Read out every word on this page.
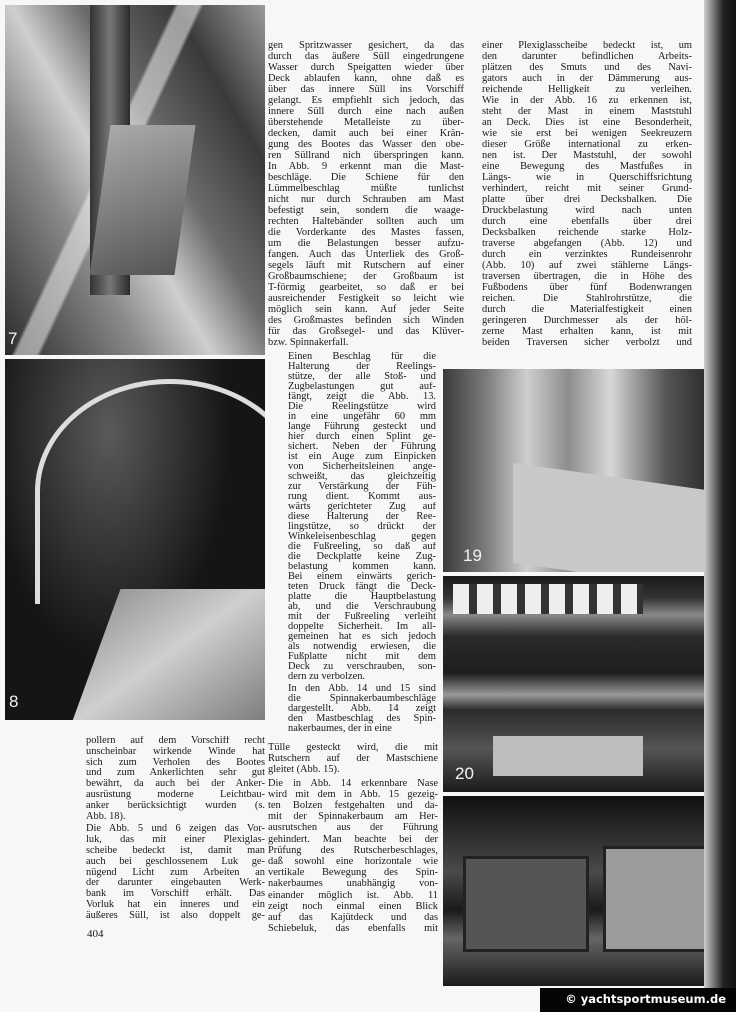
7
8
19
20
gen Spritzwasser gesichert, da das
durch das äußere Süll eingedrungene
Wasser durch Speigatten wieder über
Deck ablaufen kann, ohne daß es
über das innere Süll ins Vorschiff
gelangt. Es empfiehlt sich jedoch, das
innere Süll durch eine nach außen
überstehende Metalleiste zu über-
decken, damit auch bei einer Krän-
gung des Bootes das Wasser den obe-
ren Süllrand nich überspringen kann.
In Abb. 9 erkennt man die Mast-
beschläge. Die Schiene für den
Lümmelbeschlag müßte tunlichst
nicht nur durch Schrauben am Mast
befestigt sein, sondern die waage-
rechten Haltebänder sollten auch um
die Vorderkante des Mastes fassen,
um die Belastungen besser aufzu-
fangen. Auch das Unterliek des Groß-
segels läuft mit Rutschern auf einer
Großbaumschiene; der Großbaum ist
T-förmig gearbeitet, so daß er bei
ausreichender Festigkeit so leicht wie
möglich sein kann. Auf jeder Seite
des Großmastes befinden sich Winden
für das Großsegel- und das Klüver-
bzw. Spinnakerfall.
einer Plexiglasscheibe bedeckt ist, um
den darunter befindlichen Arbeits-
plätzen des Smuts und des Navi-
gators auch in der Dämmerung aus-
reichende Helligkeit zu verleihen.
Wie in der Abb. 16 zu erkennen ist,
steht der Mast in einem Maststuhl
an Deck. Dies ist eine Besonderheit,
wie sie erst bei wenigen Seekreuzern
dieser Größe international zu erken-
nen ist. Der Maststuhl, der sowohl
eine Bewegung des Mastfußes in
Längs- wie in Querschiffsrichtung
verhindert, reicht mit seiner Grund-
platte über drei Decksbalken. Die
Druckbelastung wird nach unten
durch eine ebenfalls über drei
Decksbalken reichende starke Holz-
traverse abgefangen (Abb. 12) und
durch ein verzinktes Rundeisenrohr
(Abb. 10) auf zwei stählerne Längs-
traversen übertragen, die in Höhe des
Fußbodens über fünf Bodenwrangen
reichen. Die Stahlrohrstütze, die
durch die Materialfestigkeit einen
geringeren Durchmesser als der höl-
zerne Mast erhalten kann, ist mit
beiden Traversen sicher verbolzt und
Einen Beschlag für die
Halterung der Reelings-
stütze, der alle Stoß- und
Zugbelastungen gut auf-
fängt, zeigt die Abb. 13.
Die Reelingstütze wird
in eine ungefähr 60 mm
lange Führung gesteckt und
hier durch einen Splint ge-
sichert. Neben der Führung
ist ein Auge zum Einpicken
von Sicherheitsleinen ange-
schweißt, das gleichzeitig
zur Verstärkung der Füh-
rung dient. Kommt aus-
wärts gerichteter Zug auf
diese Halterung der Ree-
lingstütze, so drückt der
Winkeleisenbeschlag gegen
die Fußreeling, so daß auf
die Deckplatte keine Zug-
belastung kommen kann.
Bei einem einwärts gerich-
teten Druck fängt die Deck-
platte die Hauptbelastung
ab, und die Verschraubung
mit der Fußreeling verleiht
doppelte Sicherheit. Im all-
gemeinen hat es sich jedoch
als notwendig erwiesen, die
Fußplatte nicht mit dem
Deck zu verschrauben, son-
dern zu verbolzen.
In den Abb. 14 und 15 sind
die Spinnakerbaumbeschläge
dargestellt. Abb. 14 zeigt
den Mastbeschlag des Spin-
nakerbaumes, der in eine
Tülle gesteckt wird, die mit
Rutschern auf der Mastschiene
gleitet (Abb. 15).
Die in Abb. 14 erkennbare Nase
wird mit dem in Abb. 15 gezeig-
ten Bolzen festgehalten und da-
mit der Spinnakerbaum am Her-
ausrutschen aus der Führung
gehindert. Man beachte bei der
Prüfung des Rutscherbeschlages,
daß sowohl eine horizontale wie
vertikale Bewegung des Spin-
nakerbaumes unabhängig von-
einander möglich ist. Abb. 11
zeigt noch einmal einen Blick
auf das Kajütdeck und das
Schiebeluk, das ebenfalls mit
pollern auf dem Vorschiff recht
unscheinbar wirkende Winde hat
sich zum Verholen des Bootes
und zum Ankerlichten sehr gut
bewährt, da auch bei der Anker-
ausrüstung moderne Leichtbau-
anker berücksichtigt wurden (s.
Abb. 18).
Die Abb. 5 und 6 zeigen das Vor-
luk, das mit einer Plexiglas-
scheibe bedeckt ist, damit man
auch bei geschlossenem Luk ge-
nügend Licht zum Arbeiten an
der darunter eingebauten Werk-
bank im Vorschiff erhält. Das
Vorluk hat ein inneres und ein
äußeres Süll, ist also doppelt ge-
404
© yachtsportmuseum.de
